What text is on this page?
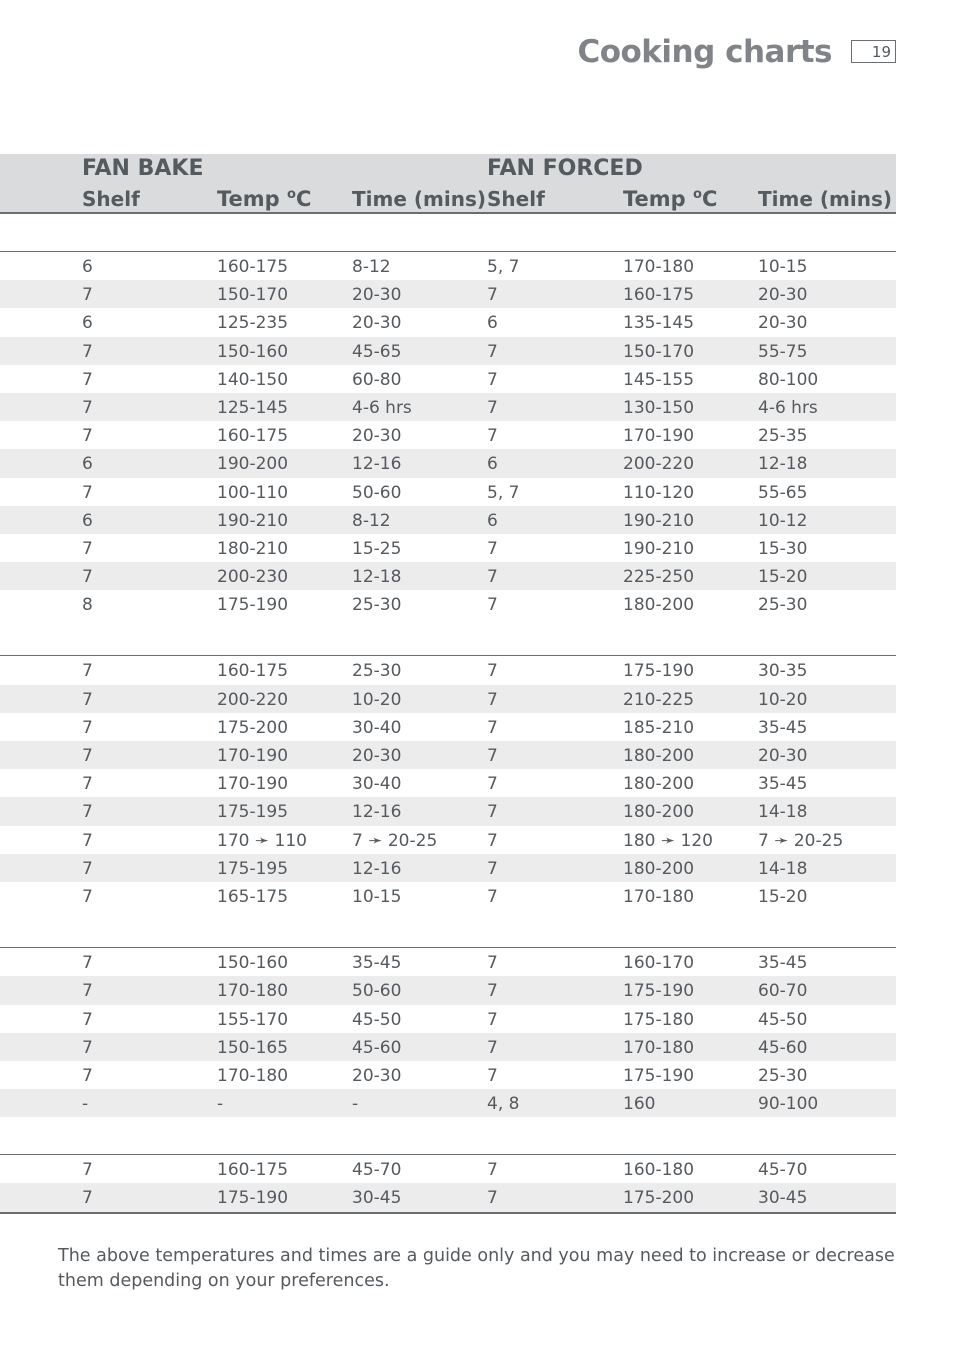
Cooking charts	19
FAN BAKE	FAN FORCED
Shelf	Temp $^o$C Time (mins) Shelf	Temp $^o$C Time (mins)
6	160-175	8-12	5, 7	170-180	10-15
7	150-170	20-30	7	160-175	20-30
6	125-235	20-30	6	135-145	20-30
7	150-160	45-65	7	150-170	55-75
7	140-150	60-80	7	145-155	80-100
7	125-145	4-6 hrs	7	130-150	4-6 hrs
7	160-175	20-30	7	170-190	25-35
6	190-200	12-16	6	200-220	12-18
7	100-110	50-60	5, 7	110-120	55-65
6	190-210	8-12	6	190-210	10-12
7	180-210	15-25	7	190-210	15-30
7	200-230	12-18	7	225-250	15-20
8	175-190	25-30	7	180-200	25-30
7	160-175	25-30	7	175-190	30-35
7	200-220	10-20	7	210-225	10-20
7	175-200	30-40	7	185-210	35-45
7	170-190	20-30	7	180-200	20-30
7	170-190	30-40	7	180-200	35-45
7	175-195	12-16	7	180-200	14-18
7	170 ➛ 110	7 ➛ 20-25	7	180 ➛ 120	7 ➛ 20-25
7	175-195	12-16	7	180-200	14-18
7	165-175	10-15	7	170-180	15-20
7	150-160	35-45	7	160-170	35-45
7	170-180	50-60	7	175-190	60-70
7	155-170	45-50	7	175-180	45-50
7	150-165	45-60	7	170-180	45-60
7	170-180	20-30	7	175-190	25-30
-	-	-	4, 8	160	90-100
7	160-175	45-70	7	160-180	45-70
7	175-190	30-45	7	175-200	30-45
The above temperatures and times are a guide only and you may need to increase or decrease them depending on your preferences.
